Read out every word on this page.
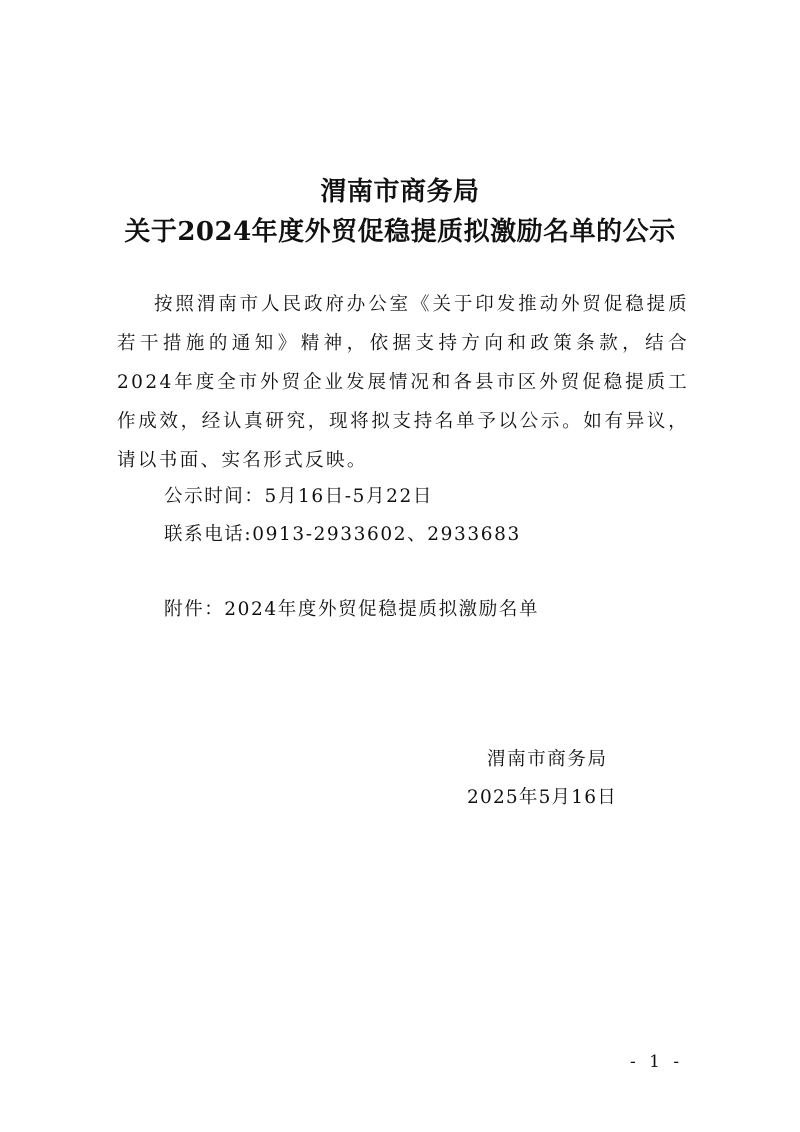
渭南市商务局
关于2024年度外贸促稳提质拟激励名单的公示
按照渭南市人民政府办公室《关于印发推动外贸促稳提质若干措施的通知》精神，依据支持方向和政策条款，结合2024年度全市外贸企业发展情况和各县市区外贸促稳提质工作成效，经认真研究，现将拟支持名单予以公示。如有异议，请以书面、实名形式反映。
公示时间：5月16日-5月22日
联系电话:0913-2933602、2933683
附件：2024年度外贸促稳提质拟激励名单
渭南市商务局
2025年5月16日
- 1 -
